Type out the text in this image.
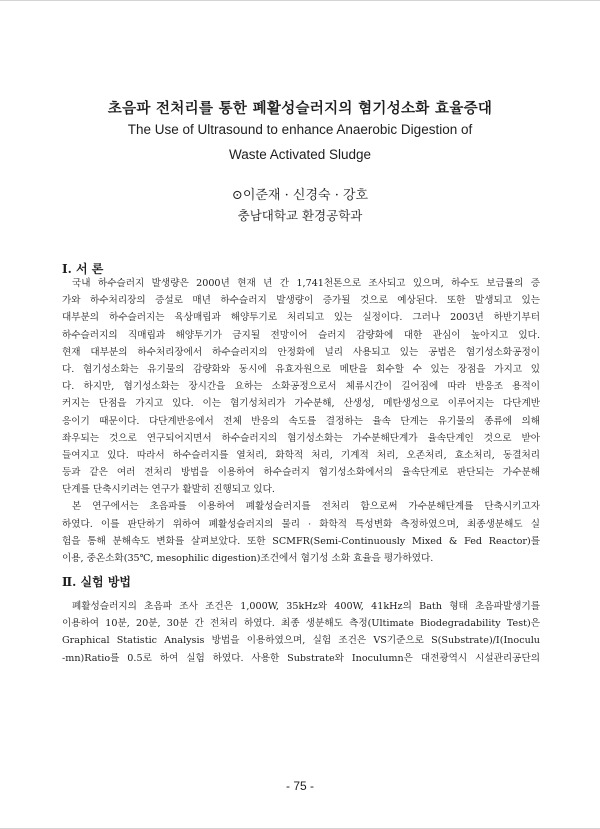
초음파 전처리를 통한 폐활성슬러지의 혐기성소화 효율증대
The Use of Ultrasound to enhance Anaerobic Digestion of
Waste Activated Sludge
⊙이준재 · 신경숙 · 강호
충남대학교 환경공학과
Ⅰ. 서 론
국내 하수슬러지 발생량은 2000년 현재 년 간 1,741천톤으로 조사되고 있으며, 하수도 보급률의 증
가와 하수처리장의 증설로 매년 하수슬러지 발생량이 증가될 것으로 예상된다. 또한 발생되고 있는
대부분의 하수슬러지는 육상매립과 해양투기로 처리되고 있는 실정이다. 그러나 2003년 하반기부터
하수슬러지의 직매립과 해양투기가 금지될 전망이어 슬러지 감량화에 대한 관심이 높아지고 있다.
현재 대부분의 하수처리장에서 하수슬러지의 안정화에 널리 사용되고 있는 공법은 혐기성소화공정이
다. 혐기성소화는 유기물의 감량화와 동시에 유효자원으로 메탄을 회수할 수 있는 장점을 가지고 있
다. 하지만, 혐기성소화는 장시간을 요하는 소화공정으로서 체류시간이 길어짐에 따라 반응조 용적이
커지는 단점을 가지고 있다. 이는 혐기성처리가 가수분해, 산생성, 메탄생성으로 이루어지는 다단계반
응이기 때문이다. 다단계반응에서 전체 반응의 속도를 결정하는 율속 단계는 유기물의 종류에 의해
좌우되는 것으로 연구되어지면서 하수슬러지의 혐기성소화는 가수분해단계가 율속단계인 것으로 받아
들여지고 있다. 따라서 하수슬러지를 열처리, 화학적 처리, 기계적 처리, 오존처리, 효소처리, 동결처리
등과 같은 여러 전처리 방법을 이용하여 하수슬러지 혐기성소화에서의 율속단계로 판단되는 가수분해
단계를 단축시키려는 연구가 활발히 진행되고 있다.
본 연구에서는 초음파를 이용하여 폐활성슬러지를 전처리 함으로써 가수분해단계를 단축시키고자
하였다. 이를 판단하기 위하여 폐활성슬러지의 물리 · 화학적 특성변화 측정하였으며, 최종생분해도 실
험을 통해 분해속도 변화를 살펴보았다. 또한 SCMFR(Semi-Continuously Mixed & Fed Reactor)를
이용, 중온소화(35℃, mesophilic digestion)조건에서 혐기성 소화 효율을 평가하였다.
Ⅱ. 실험 방법
폐활성슬러지의 초음파 조사 조건은 1,000W, 35kHz와 400W, 41kHz의 Bath 형태 초음파발생기를
이용하여 10분, 20분, 30분 간 전처리 하였다. 최종 생분해도 측정(Ultimate Biodegradability Test)은
Graphical Statistic Analysis 방법을 이용하였으며, 실험 조건은 VS기준으로 S(Substrate)/I(Inoculu
-mn)Ratio를 0.5로 하여 실험 하였다. 사용한 Substrate와 Inoculumn은 대전광역시 시설관리공단의
- 75 -
